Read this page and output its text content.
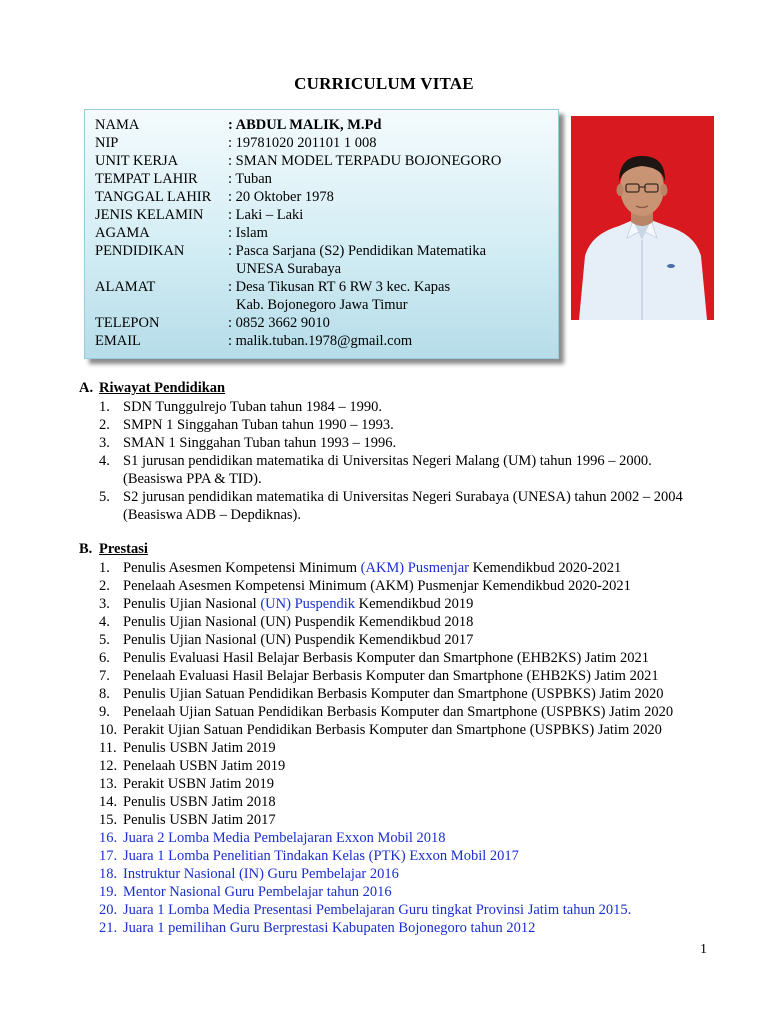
CURRICULUM VITAE
NAMA	: ABDUL MALIK, M.Pd
NIP	: 19781020 201101 1 008
UNIT KERJA	: SMAN MODEL TERPADU BOJONEGORO
TEMPAT LAHIR : Tuban
TANGGAL LAHIR : 20 Oktober 1978
JENIS KELAMIN : Laki – Laki
AGAMA	: Islam
PENDIDIKAN	: Pasca Sarjana (S2) Pendidikan Matematika
UNESA Surabaya
ALAMAT	: Desa Tikusan RT 6 RW 3 kec. Kapas
Kab. Bojonegoro Jawa Timur
TELEPON	: 0852 3662 9010
EMAIL	: malik.tuban.1978@gmail.com
A. Riwayat Pendidikan
1. SDN Tunggulrejo Tuban tahun 1984 – 1990.
2. SMPN 1 Singgahan Tuban tahun 1990 – 1993.
3. SMAN 1 Singgahan Tuban tahun 1993 – 1996.
4. S1 jurusan pendidikan matematika di Universitas Negeri Malang (UM) tahun 1996 – 2000.
(Beasiswa PPA & TID).
5. S2 jurusan pendidikan matematika di Universitas Negeri Surabaya (UNESA) tahun 2002 – 2004
(Beasiswa ADB – Depdiknas).
B. Prestasi
1. Penulis Asesmen Kompetensi Minimum (AKM) Pusmenjar Kemendikbud 2020-2021
2. Penelaah Asesmen Kompetensi Minimum (AKM) Pusmenjar Kemendikbud 2020-2021
3. Penulis Ujian Nasional (UN) Puspendik Kemendikbud 2019
4. Penulis Ujian Nasional (UN) Puspendik Kemendikbud 2018
5. Penulis Ujian Nasional (UN) Puspendik Kemendikbud 2017
6. Penulis Evaluasi Hasil Belajar Berbasis Komputer dan Smartphone (EHB2KS) Jatim 2021
7. Penelaah Evaluasi Hasil Belajar Berbasis Komputer dan Smartphone (EHB2KS) Jatim 2021
8. Penulis Ujian Satuan Pendidikan Berbasis Komputer dan Smartphone (USPBKS) Jatim 2020
9. Penelaah Ujian Satuan Pendidikan Berbasis Komputer dan Smartphone (USPBKS) Jatim 2020
10. Perakit Ujian Satuan Pendidikan Berbasis Komputer dan Smartphone (USPBKS) Jatim 2020
11. Penulis USBN Jatim 2019
12. Penelaah USBN Jatim 2019
13. Perakit USBN Jatim 2019
14. Penulis USBN Jatim 2018
15. Penulis USBN Jatim 2017
16. Juara 2 Lomba Media Pembelajaran Exxon Mobil 2018
17. Juara 1 Lomba Penelitian Tindakan Kelas (PTK) Exxon Mobil 2017
18. Instruktur Nasional (IN) Guru Pembelajar 2016
19. Mentor Nasional Guru Pembelajar tahun 2016
20. Juara 1 Lomba Media Presentasi Pembelajaran Guru tingkat Provinsi Jatim tahun 2015.
21. Juara 1 pemilihan Guru Berprestasi Kabupaten Bojonegoro tahun 2012
1
